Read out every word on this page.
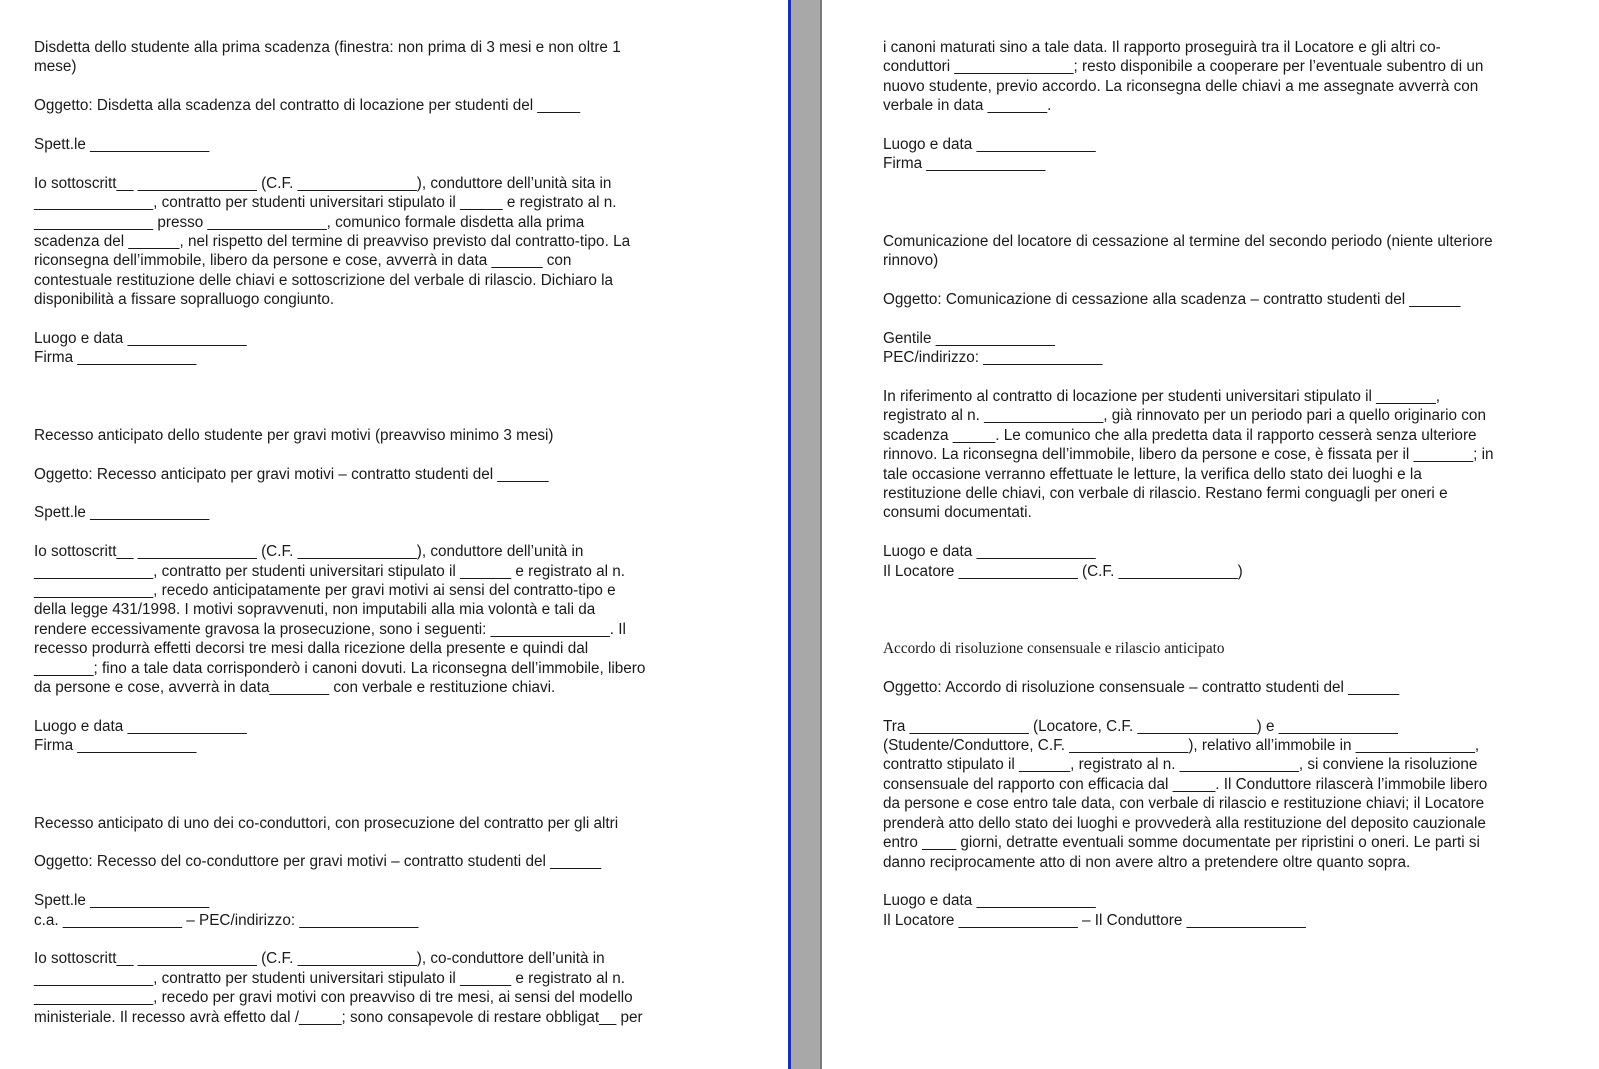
Disdetta dello studente alla prima scadenza (finestra: non prima di 3 mesi e non oltre 1
mese)

Oggetto: Disdetta alla scadenza del contratto di locazione per studenti del _____

Spett.le ______________

Io sottoscritt__ ______________ (C.F. ______________), conduttore dell’unità sita in
______________, contratto per studenti universitari stipulato il _____ e registrato al n.
______________ presso ______________, comunico formale disdetta alla prima
scadenza del ______, nel rispetto del termine di preavviso previsto dal contratto-tipo. La
riconsegna dell’immobile, libero da persone e cose, avverrà in data ______ con
contestuale restituzione delle chiavi e sottoscrizione del verbale di rilascio. Dichiaro la
disponibilità a fissare sopralluogo congiunto.

Luogo e data ______________
Firma ______________

Recesso anticipato dello studente per gravi motivi (preavviso minimo 3 mesi)

Oggetto: Recesso anticipato per gravi motivi – contratto studenti del ______

Spett.le ______________

Io sottoscritt__ ______________ (C.F. ______________), conduttore dell’unità in
______________, contratto per studenti universitari stipulato il ______ e registrato al n.
______________, recedo anticipatamente per gravi motivi ai sensi del contratto-tipo e
della legge 431/1998. I motivi sopravvenuti, non imputabili alla mia volontà e tali da
rendere eccessivamente gravosa la prosecuzione, sono i seguenti: ______________. Il
recesso produrrà effetti decorsi tre mesi dalla ricezione della presente e quindi dal
_______; fino a tale data corrisponderò i canoni dovuti. La riconsegna dell’immobile, libero
da persone e cose, avverrà in data_______ con verbale e restituzione chiavi.

Luogo e data ______________
Firma ______________

Recesso anticipato di uno dei co-conduttori, con prosecuzione del contratto per gli altri

Oggetto: Recesso del co-conduttore per gravi motivi – contratto studenti del ______

Spett.le ______________
c.a. ______________ – PEC/indirizzo: ______________

Io sottoscritt__ ______________ (C.F. ______________), co-conduttore dell’unità in
______________, contratto per studenti universitari stipulato il ______ e registrato al n.
______________, recedo per gravi motivi con preavviso di tre mesi, ai sensi del modello
ministeriale. Il recesso avrà effetto dal /_____; sono consapevole di restare obbligat__ per

i canoni maturati sino a tale data. Il rapporto proseguirà tra il Locatore e gli altri co-
conduttori ______________; resto disponibile a cooperare per l’eventuale subentro di un
nuovo studente, previo accordo. La riconsegna delle chiavi a me assegnate avverrà con
verbale in data _______.

Luogo e data ______________
Firma ______________

Comunicazione del locatore di cessazione al termine del secondo periodo (niente ulteriore
rinnovo)

Oggetto: Comunicazione di cessazione alla scadenza – contratto studenti del ______

Gentile ______________
PEC/indirizzo: ______________

In riferimento al contratto di locazione per studenti universitari stipulato il _______,
registrato al n. ______________, già rinnovato per un periodo pari a quello originario con
scadenza _____. Le comunico che alla predetta data il rapporto cesserà senza ulteriore
rinnovo. La riconsegna dell’immobile, libero da persone e cose, è fissata per il _______; in
tale occasione verranno effettuate le letture, la verifica dello stato dei luoghi e la
restituzione delle chiavi, con verbale di rilascio. Restano fermi conguagli per oneri e
consumi documentati.

Luogo e data ______________
Il Locatore ______________ (C.F. ______________)

Accordo di risoluzione consensuale e rilascio anticipato

Oggetto: Accordo di risoluzione consensuale – contratto studenti del ______

Tra ______________ (Locatore, C.F. ______________) e ______________
(Studente/Conduttore, C.F. ______________), relativo all’immobile in ______________,
contratto stipulato il ______, registrato al n. ______________, si conviene la risoluzione
consensuale del rapporto con efficacia dal _____. Il Conduttore rilascerà l’immobile libero
da persone e cose entro tale data, con verbale di rilascio e restituzione chiavi; il Locatore
prenderà atto dello stato dei luoghi e provvederà alla restituzione del deposito cauzionale
entro ____ giorni, detratte eventuali somme documentate per ripristini o oneri. Le parti si
danno reciprocamente atto di non avere altro a pretendere oltre quanto sopra.

Luogo e data ______________
Il Locatore ______________ – Il Conduttore ______________
